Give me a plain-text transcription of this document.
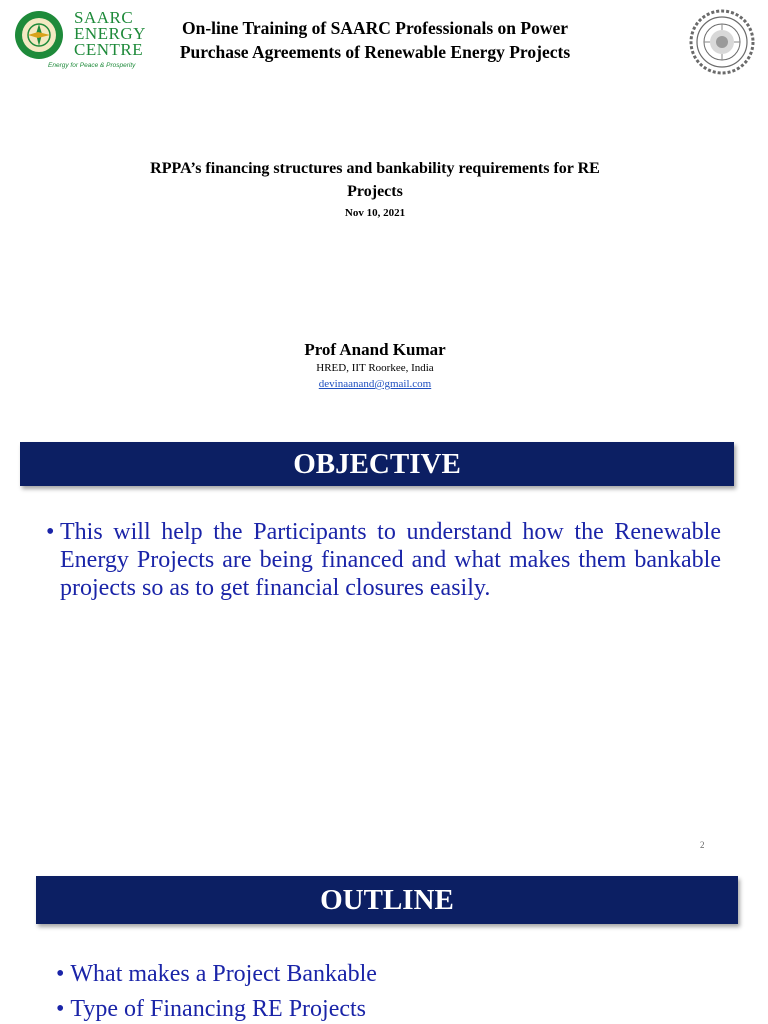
SAARC
ENERGY
CENTRE
Energy for Peace & Prosperity
On-line Training of SAARC Professionals on Power
Purchase Agreements of Renewable Energy Projects
RPPA’s financing structures and bankability requirements for RE
Projects
Nov 10, 2021
Prof Anand Kumar
HRED, IIT Roorkee, India
devinaanand@gmail.com
OBJECTIVE
• This will help the Participants to understand how the Renewable Energy Projects are being financed and what makes them bankable projects so as to get financial closures easily.
2
OUTLINE
• What makes a Project Bankable
• Type of Financing RE Projects
